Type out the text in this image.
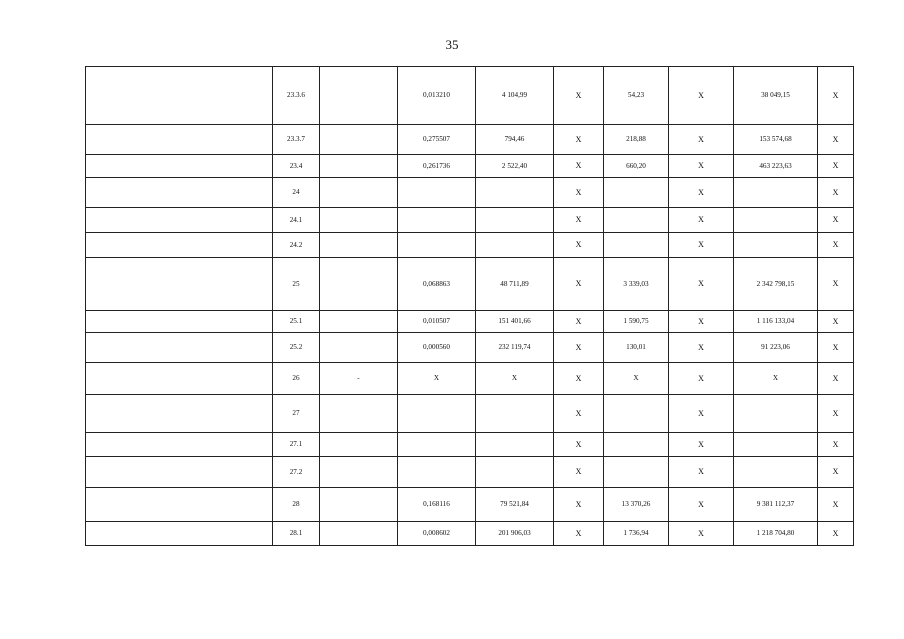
35
	23.3.6		0,013210	4 104,99	X	54,23	X	38 049,15	X
	23.3.7		0,275507	794,46	X	218,88	X	153 574,68	X
	23.4		0,261736	2 522,40	X	660,20	X	463 223,63	X
	24				X		X		X
	24.1				X		X		X
	24.2				X		X		X
	25		0,068863	48 711,89	X	3 339,03	X	2 342 798,15	X
	25.1		0,010507	151 401,66	X	1 590,75	X	1 116 133,04	X
	25.2		0,000560	232 119,74	X	130,01	X	91 223,06	X
	26	-	X	X	X	X	X	X	X
	27				X		X		X
	27.1				X		X		X
	27.2				X		X		X
	28		0,168116	79 521,84	X	13 370,26	X	9 381 112,37	X
	28.1		0,008602	201 906,03	X	1 736,94	X	1 218 704,80	X
